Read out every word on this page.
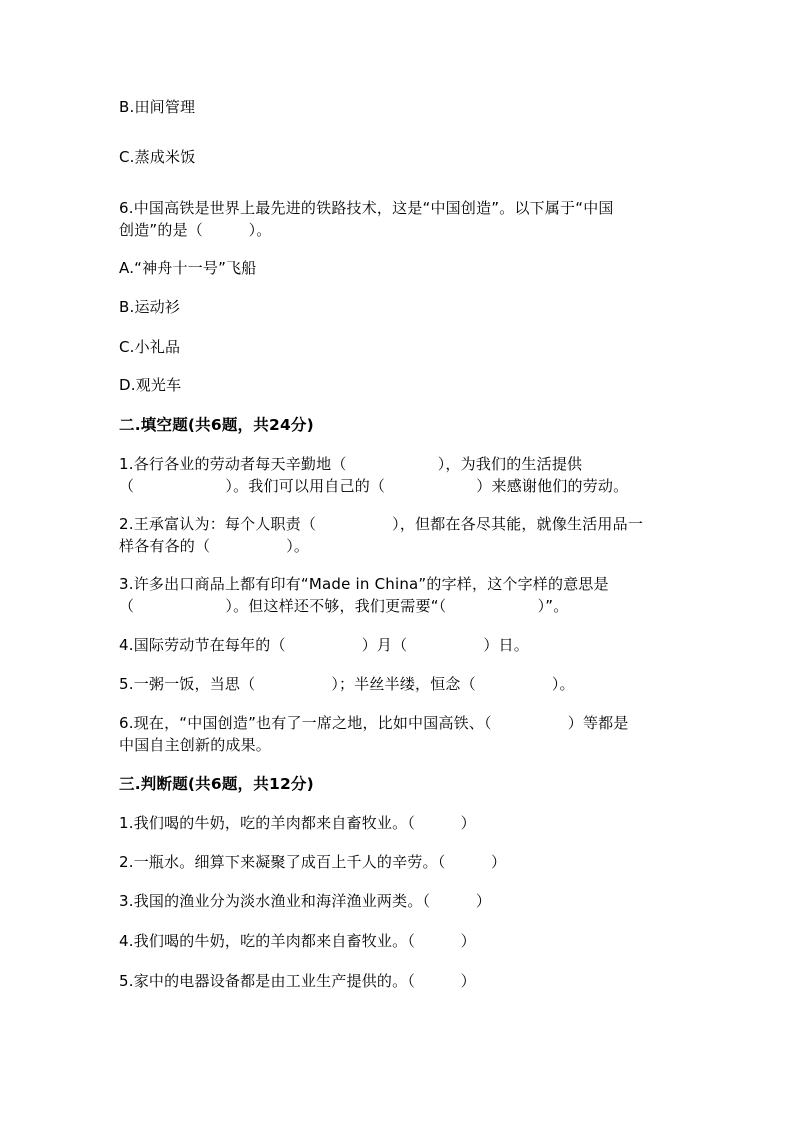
B.田间管理
C.蒸成米饭
6.中国高铁是世界上最先进的铁路技术，这是“中国创造”。以下属于“中国
创造”的是（　　　）。
A.“神舟十一号”飞船
B.运动衫
C.小礼品
D.观光车
二.填空题(共6题，共24分)
1.各行各业的劳动者每天辛勤地（　　　　　　），为我们的生活提供
（　　　　　　）。我们可以用自己的（　　　　　　）来感谢他们的劳动。
2.王承富认为：每个人职责（　　　　　），但都在各尽其能，就像生活用品一
样各有各的（　　　　　）。
3.许多出口商品上都有印有“Made in China”的字样，这个字样的意思是
（　　　　　　）。但这样还不够，我们更需要“（　　　　　　）”。
4.国际劳动节在每年的（　　　　　）月（　　　　　）日。
5.一粥一饭，当思（　　　　　）；半丝半缕，恒念（　　　　　）。
6.现在，“中国创造”也有了一席之地，比如中国高铁、（　　　　　）等都是
中国自主创新的成果。
三.判断题(共6题，共12分)
1.我们喝的牛奶，吃的羊肉都来自畜牧业。（　　　）
2.一瓶水。细算下来凝聚了成百上千人的辛劳。（　　　）
3.我国的渔业分为淡水渔业和海洋渔业两类。（　　　）
4.我们喝的牛奶，吃的羊肉都来自畜牧业。（　　　）
5.家中的电器设备都是由工业生产提供的。（　　　）
